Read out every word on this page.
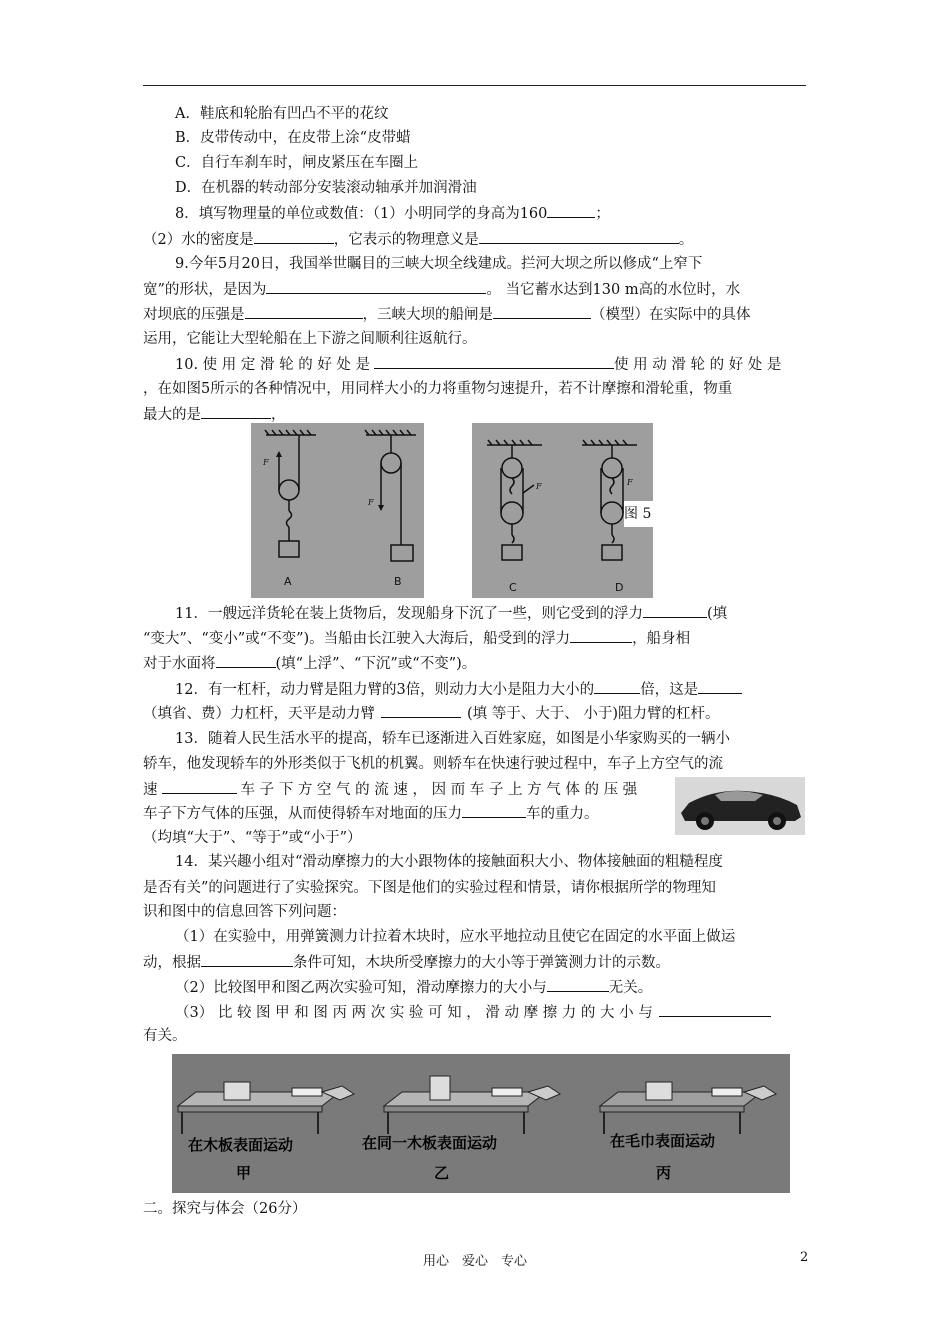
A．鞋底和轮胎有凹凸不平的花纹
B．皮带传动中，在皮带上涂“皮带蜡
C．自行车刹车时，闸皮紧压在车圈上
D．在机器的转动部分安装滚动轴承并加润滑油
8．填写物理量的单位或数值：（1）小明同学的身高为160	；
（2）水的密度是	，它表示的物理意义是	。
9.今年5月20日，我国举世瞩目的三峡大坝全线建成。拦河大坝之所以修成“上窄下
宽”的形状，是因为	。 当它蓄水达到130 m高的水位时，水
对坝底的压强是	，三峡大坝的船闸是	（模型）在实际中的具体
运用，它能让大型轮船在上下游之间顺利往返航行。
10. 使 用 定 滑 轮 的 好 处 是	使 用 动 滑 轮 的 好 处 是
，在如图5所示的各种情况中，用同样大小的力将重物匀速提升，若不计摩擦和滑轮重，物重
最大的是	，
F
F
A	B
F	F
C	D
图 5
11．一艘远洋货轮在装上货物后，发现船身下沉了一些，则它受到的浮力	(填
“变大”、“变小”或“不变”)。当船由长江驶入大海后，船受到的浮力	，船身相
对于水面将	(填“上浮”、“下沉”或“不变”)。
12．有一杠杆，动力臂是阻力臂的3倍，则动力大小是阻力大小的	倍，这是
（填省、费）力杠杆，天平是动力臂	(填 等于、大于、 小于)阻力臂的杠杆。
13．随着人民生活水平的提高，轿车已逐渐进入百姓家庭，如图是小华家购买的一辆小
轿车，他发现轿车的外形类似于飞机的机翼。则轿车在快速行驶过程中，车子上方空气的流
速	车 子 下 方 空 气 的 流 速 ， 因 而 车 子 上 方 气 体 的 压 强
车子下方气体的压强，从而使得轿车对地面的压力	车的重力。
（均填“大于”、“等于”或“小于”）
14．某兴趣小组对“滑动摩擦力的大小跟物体的接触面积大小、物体接触面的粗糙程度
是否有关”的问题进行了实验探究。下图是他们的实验过程和情景，请你根据所学的物理知
识和图中的信息回答下列问题：
（1）在实验中，用弹簧测力计拉着木块时，应水平地拉动且使它在固定的水平面上做运
动，根据	条件可知，木块所受摩擦力的大小等于弹簧测力计的示数。
（2）比较图甲和图乙两次实验可知，滑动摩擦力的大小与	无关。
（3） 比 较 图 甲 和 图 丙 两 次 实 验 可 知 ， 滑 动 摩 擦 力 的 大 小 与
有关。
在木板表面运动
甲
在同一木板表面运动
乙
在毛巾表面运动
丙
二。探究与体会（26分）
用心　爱心　专心	2
